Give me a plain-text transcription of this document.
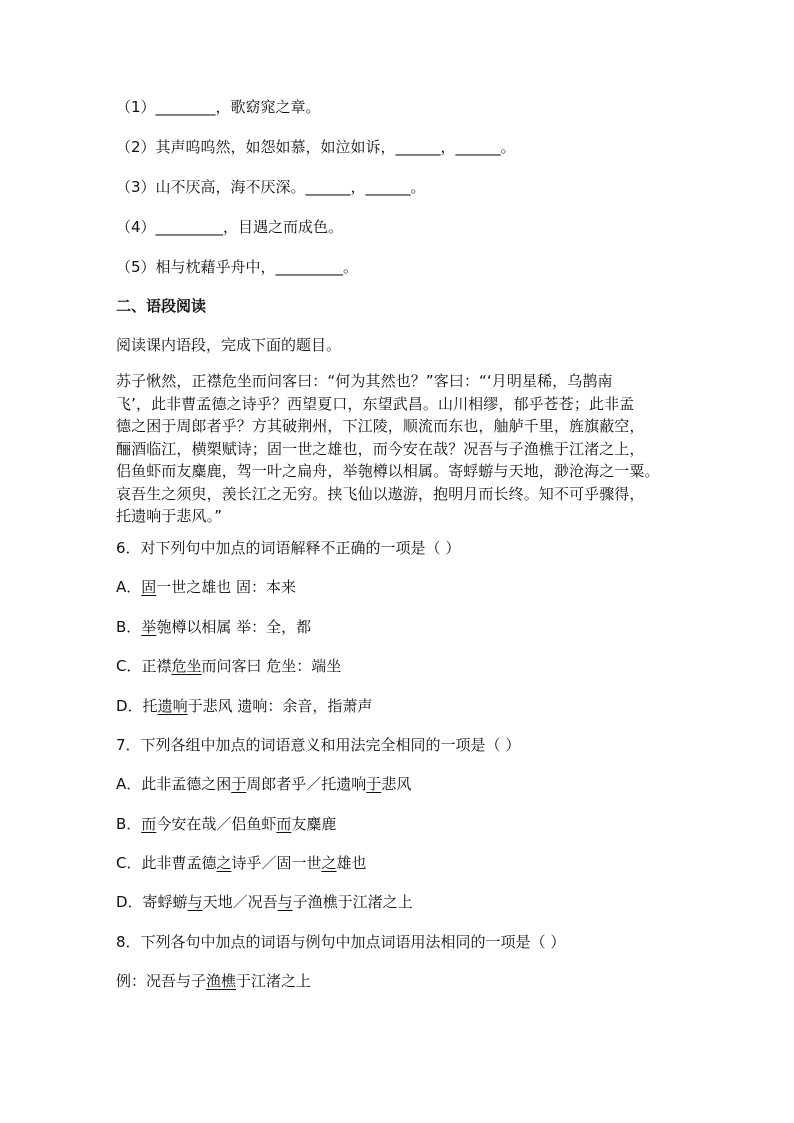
（1）________，歌窈窕之章。
（2）其声呜呜然，如怨如慕，如泣如诉，______，______。
（3）山不厌高，海不厌深。______，______。
（4）_________，目遇之而成色。
（5）相与枕藉乎舟中，_________。
二、语段阅读
阅读课内语段，完成下面的题目。
苏子愀然，正襟危坐而问客曰：“何为其然也？”客曰：“‘月明星稀，乌鹊南
飞’，此非曹孟德之诗乎？西望夏口，东望武昌。山川相缪，郁乎苍苍；此非孟
德之困于周郎者乎？方其破荆州，下江陵，顺流而东也，舳舻千里，旌旗蔽空，
酾酒临江，横槊赋诗；固一世之雄也，而今安在哉？况吾与子渔樵于江渚之上，
侣鱼虾而友麋鹿，驾一叶之扁舟，举匏樽以相属。寄蜉蝣与天地，渺沧海之一粟。
哀吾生之须臾，羡长江之无穷。挟飞仙以遨游，抱明月而长终。知不可乎骤得，
托遗响于悲风。”
6．对下列句中加点的词语解释不正确的一项是（ ）
A．固一世之雄也 固：本来
B．举匏樽以相属 举：全，都
C．正襟危坐而问客曰 危坐：端坐
D．托遗响于悲风 遗响：余音，指萧声
7．下列各组中加点的词语意义和用法完全相同的一项是（ ）
A．此非孟德之困于周郎者乎／托遗响于悲风
B．而今安在哉／侣鱼虾而友麋鹿
C．此非曹孟德之诗乎／固一世之雄也
D．寄蜉蝣与天地／况吾与子渔樵于江渚之上
8．下列各句中加点的词语与例句中加点词语用法相同的一项是（ ）
例：况吾与子渔樵于江渚之上
